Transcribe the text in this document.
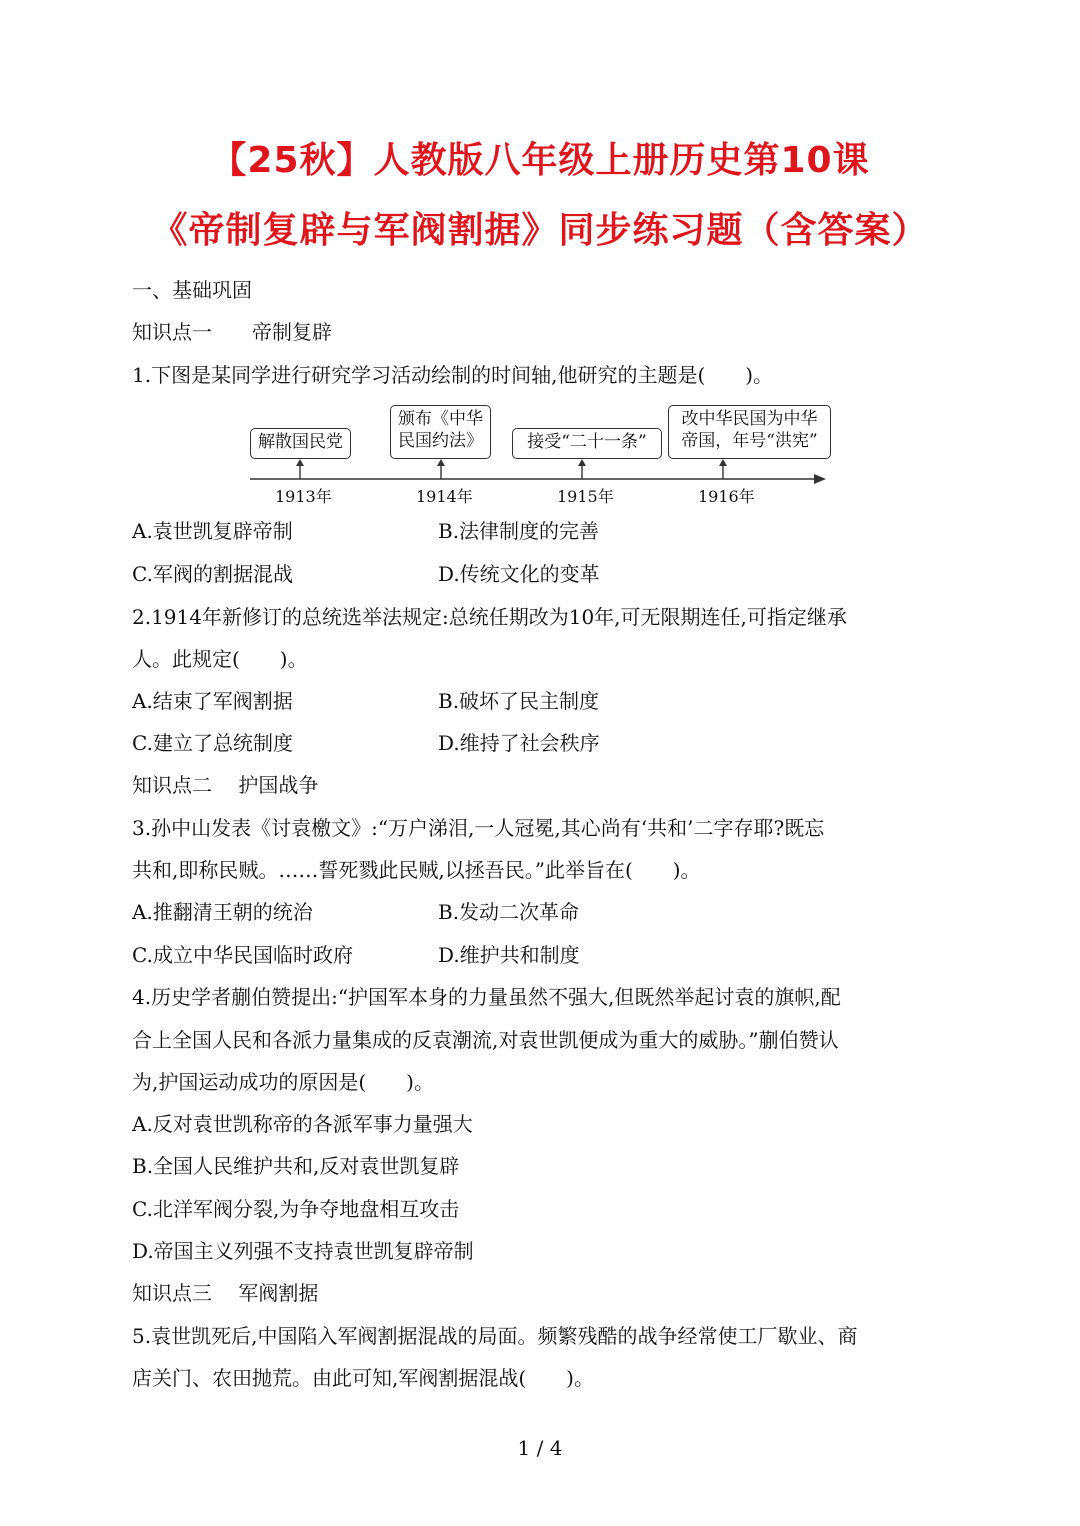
【25秋】人教版八年级上册历史第10课
《帝制复辟与军阀割据》同步练习题（含答案）
一、基础巩固
知识点一　　帝制复辟
1.下图是某同学进行研究学习活动绘制的时间轴,他研究的主题是(　　)。
解散国民党
颁布《中华
民国约法》	接受“二十一条”
改中华民国为中华
帝国，年号“洪宪”
1913年	1914年	1915年	1916年
A.袁世凯复辟帝制	B.法律制度的完善
C.军阀的割据混战	D.传统文化的变革
2.1914年新修订的总统选举法规定:总统任期改为10年,可无限期连任,可指定继承
人。此规定(　　)。
A.结束了军阀割据	B.破坏了民主制度
C.建立了总统制度	D.维持了社会秩序
知识点二　 护国战争
3.孙中山发表《讨袁檄文》:“万户涕泪,一人冠冕,其心尚有‘共和’二字存耶?既忘
共和,即称民贼。……誓死戮此民贼,以拯吾民。”此举旨在(　　)。
A.推翻清王朝的统治	B.发动二次革命
C.成立中华民国临时政府	D.维护共和制度
4.历史学者蒯伯赞提出:“护国军本身的力量虽然不强大,但既然举起讨袁的旗帜,配
合上全国人民和各派力量集成的反袁潮流,对袁世凯便成为重大的威胁。”蒯伯赞认
为,护国运动成功的原因是(　　)。
A.反对袁世凯称帝的各派军事力量强大
B.全国人民维护共和,反对袁世凯复辟
C.北洋军阀分裂,为争夺地盘相互攻击
D.帝国主义列强不支持袁世凯复辟帝制
知识点三　 军阀割据
5.袁世凯死后,中国陷入军阀割据混战的局面。频繁残酷的战争经常使工厂歇业、商
店关门、农田抛荒。由此可知,军阀割据混战(　　)。
1 / 4
